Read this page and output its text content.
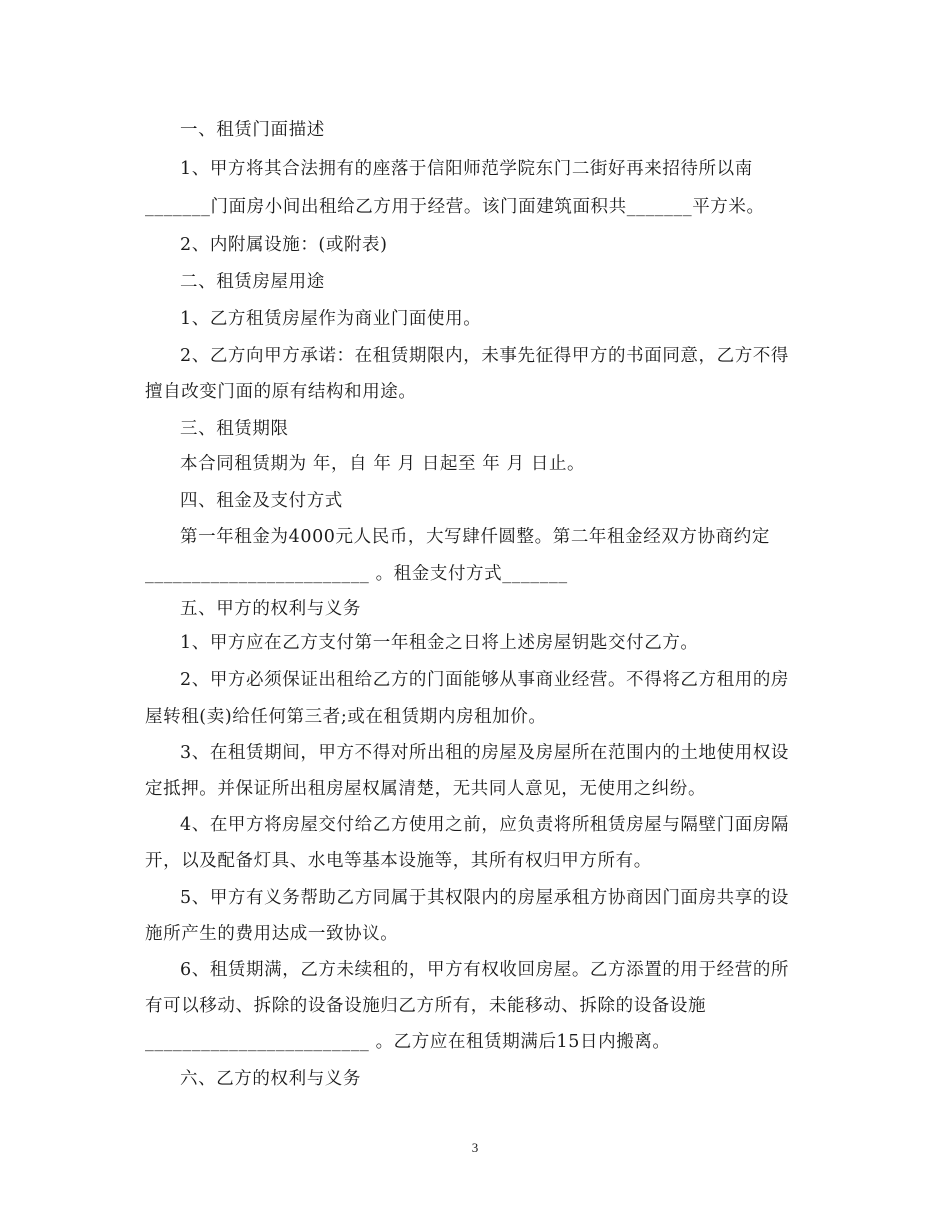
一、租赁门面描述
1、甲方将其合法拥有的座落于信阳师范学院东门二街好再来招待所以南
_______门面房小间出租给乙方用于经营。该门面建筑面积共_______平方米。
2、内附属设施：(或附表)
二、租赁房屋用途
1、乙方租赁房屋作为商业门面使用。
2、乙方向甲方承诺：在租赁期限内，未事先征得甲方的书面同意，乙方不得
擅自改变门面的原有结构和用途。
三、租赁期限
本合同租赁期为 年，自 年 月 日起至 年 月 日止。
四、租金及支付方式
第一年租金为4000元人民币，大写肆仟圆整。第二年租金经双方协商约定
________________________ 。租金支付方式_______
五、甲方的权利与义务
1、甲方应在乙方支付第一年租金之日将上述房屋钥匙交付乙方。
2、甲方必须保证出租给乙方的门面能够从事商业经营。不得将乙方租用的房
屋转租(卖)给任何第三者;或在租赁期内房租加价。
3、在租赁期间，甲方不得对所出租的房屋及房屋所在范围内的土地使用权设
定抵押。并保证所出租房屋权属清楚，无共同人意见，无使用之纠纷。
4、在甲方将房屋交付给乙方使用之前，应负责将所租赁房屋与隔壁门面房隔
开，以及配备灯具、水电等基本设施等，其所有权归甲方所有。
5、甲方有义务帮助乙方同属于其权限内的房屋承租方协商因门面房共享的设
施所产生的费用达成一致协议。
6、租赁期满，乙方未续租的，甲方有权收回房屋。乙方添置的用于经营的所
有可以移动、拆除的设备设施归乙方所有，未能移动、拆除的设备设施
________________________ 。乙方应在租赁期满后15日内搬离。
六、乙方的权利与义务
3
